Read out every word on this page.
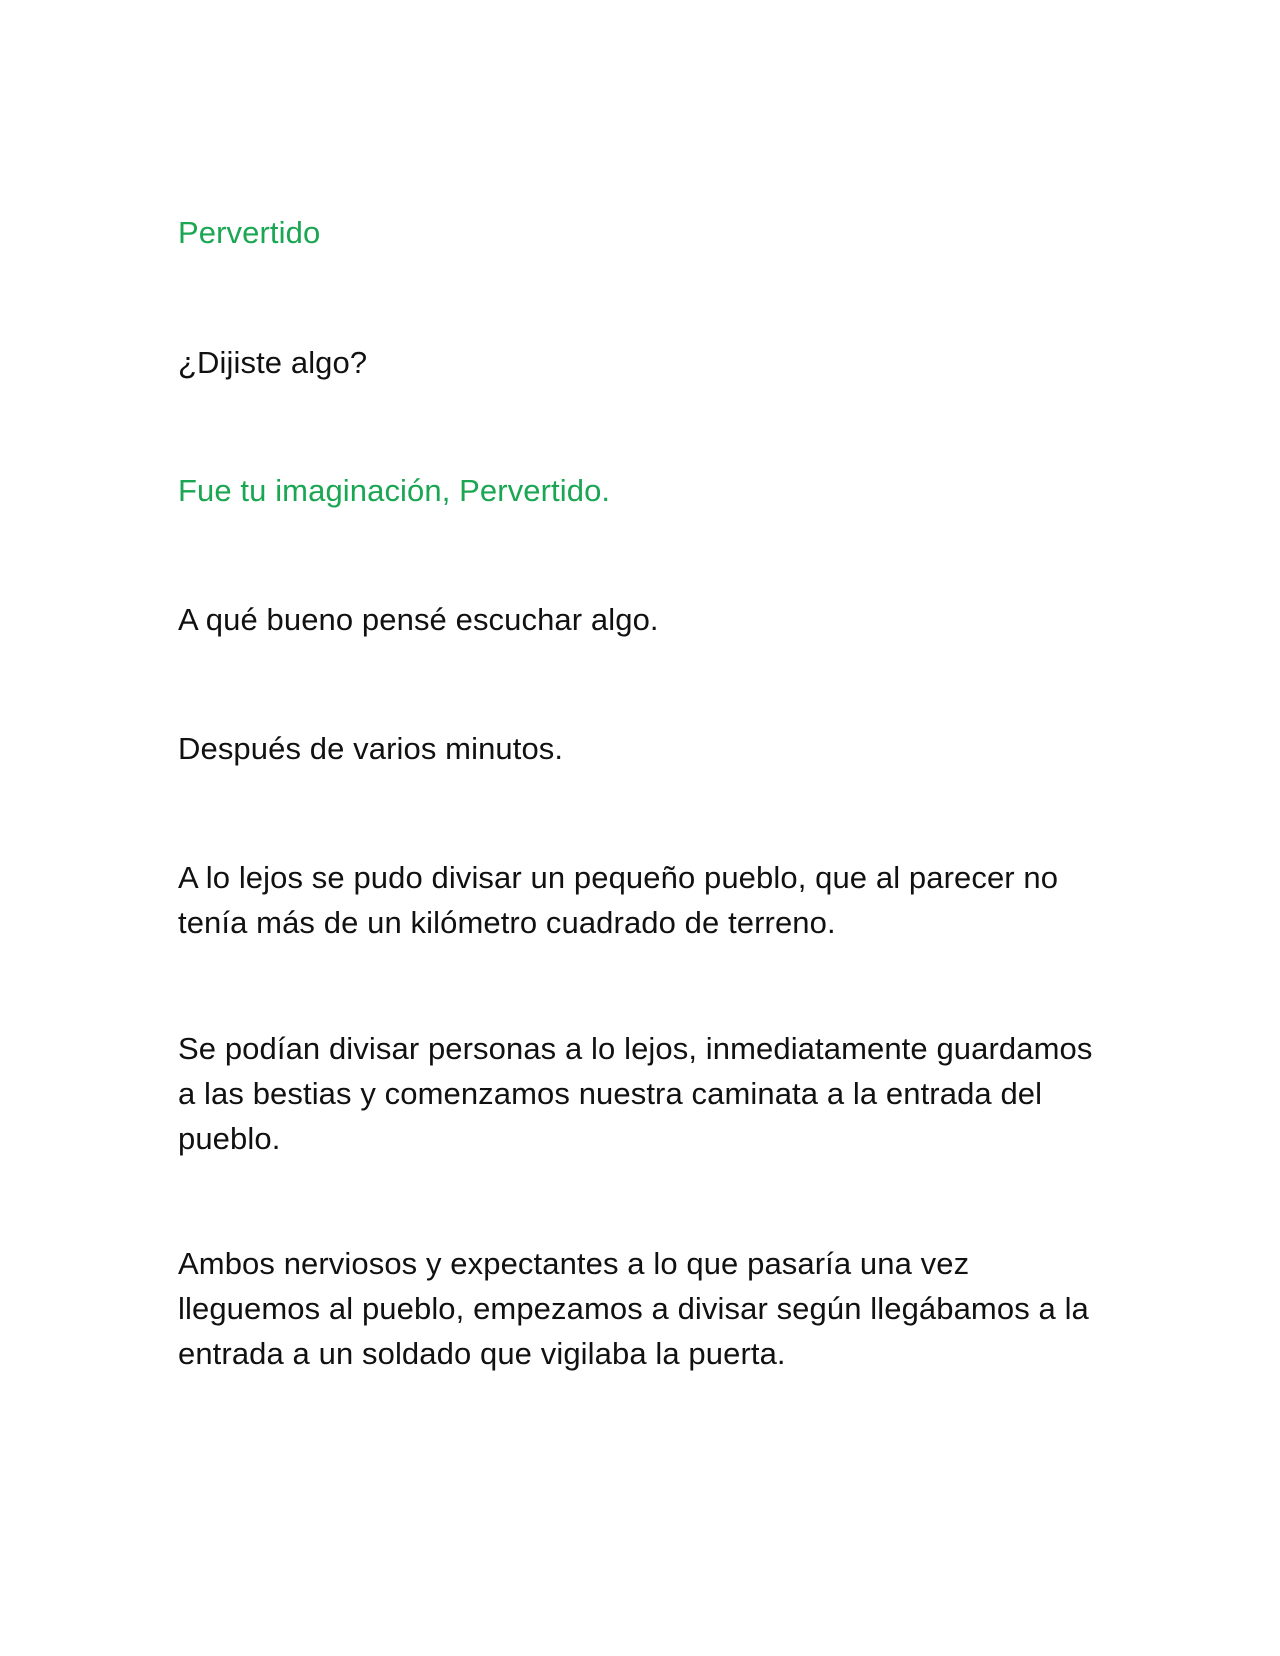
Pervertido

¿Dijiste algo?

Fue tu imaginación, Pervertido.

A qué bueno pensé escuchar algo.

Después de varios minutos.

A lo lejos se pudo divisar un pequeño pueblo, que al parecer no tenía más de un kilómetro cuadrado de terreno.

Se podían divisar personas a lo lejos, inmediatamente guardamos a las bestias y comenzamos nuestra caminata a la entrada del pueblo.

Ambos nerviosos y expectantes a lo que pasaría una vez lleguemos al pueblo, empezamos a divisar según llegábamos a la entrada a un soldado que vigilaba la puerta.
